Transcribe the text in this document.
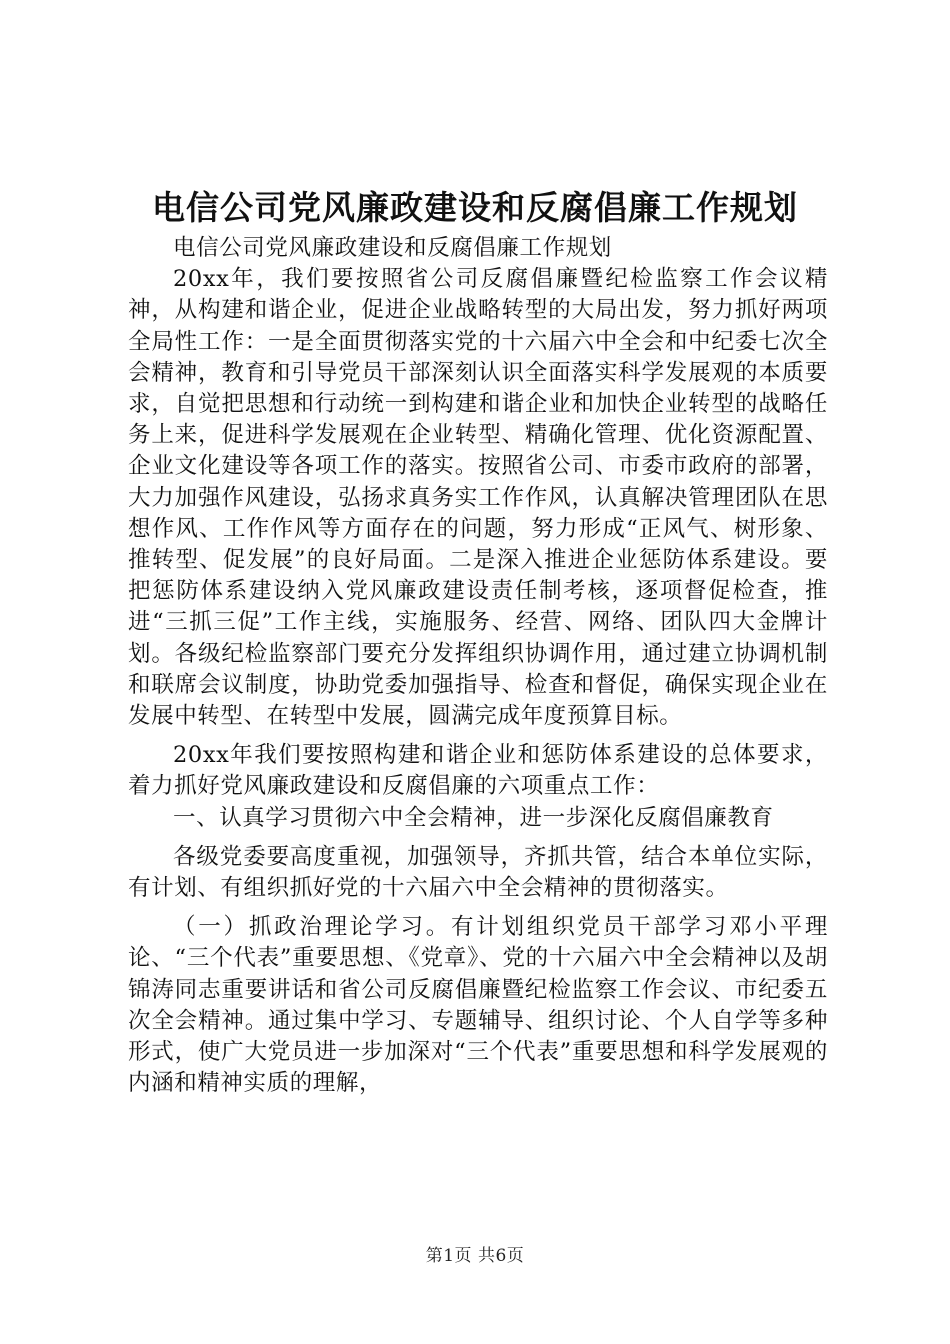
电信公司党风廉政建设和反腐倡廉工作规划

电信公司党风廉政建设和反腐倡廉工作规划

20xx年，我们要按照省公司反腐倡廉暨纪检监察工作会议精神，从构建和谐企业，促进企业战略转型的大局出发，努力抓好两项全局性工作：一是全面贯彻落实党的十六届六中全会和中纪委七次全会精神，教育和引导党员干部深刻认识全面落实科学发展观的本质要求，自觉把思想和行动统一到构建和谐企业和加快企业转型的战略任务上来，促进科学发展观在企业转型、精确化管理、优化资源配置、企业文化建设等各项工作的落实。按照省公司、市委市政府的部署，大力加强作风建设，弘扬求真务实工作作风，认真解决管理团队在思想作风、工作作风等方面存在的问题，努力形成“正风气、树形象、推转型、促发展”的良好局面。二是深入推进企业惩防体系建设。要把惩防体系建设纳入党风廉政建设责任制考核，逐项督促检查，推进“三抓三促”工作主线，实施服务、经营、网络、团队四大金牌计划。各级纪检监察部门要充分发挥组织协调作用，通过建立协调机制和联席会议制度，协助党委加强指导、检查和督促，确保实现企业在发展中转型、在转型中发展，圆满完成年度预算目标。

20xx年我们要按照构建和谐企业和惩防体系建设的总体要求，着力抓好党风廉政建设和反腐倡廉的六项重点工作：

一、认真学习贯彻六中全会精神，进一步深化反腐倡廉教育

各级党委要高度重视，加强领导，齐抓共管，结合本单位实际，有计划、有组织抓好党的十六届六中全会精神的贯彻落实。

（一）抓政治理论学习。有计划组织党员干部学习邓小平理论、“三个代表”重要思想、《党章》、党的十六届六中全会精神以及胡锦涛同志重要讲话和省公司反腐倡廉暨纪检监察工作会议、市纪委五次全会精神。通过集中学习、专题辅导、组织讨论、个人自学等多种形式，使广大党员进一步加深对“三个代表”重要思想和科学发展观的内涵和精神实质的理解，

第1页 共6页
